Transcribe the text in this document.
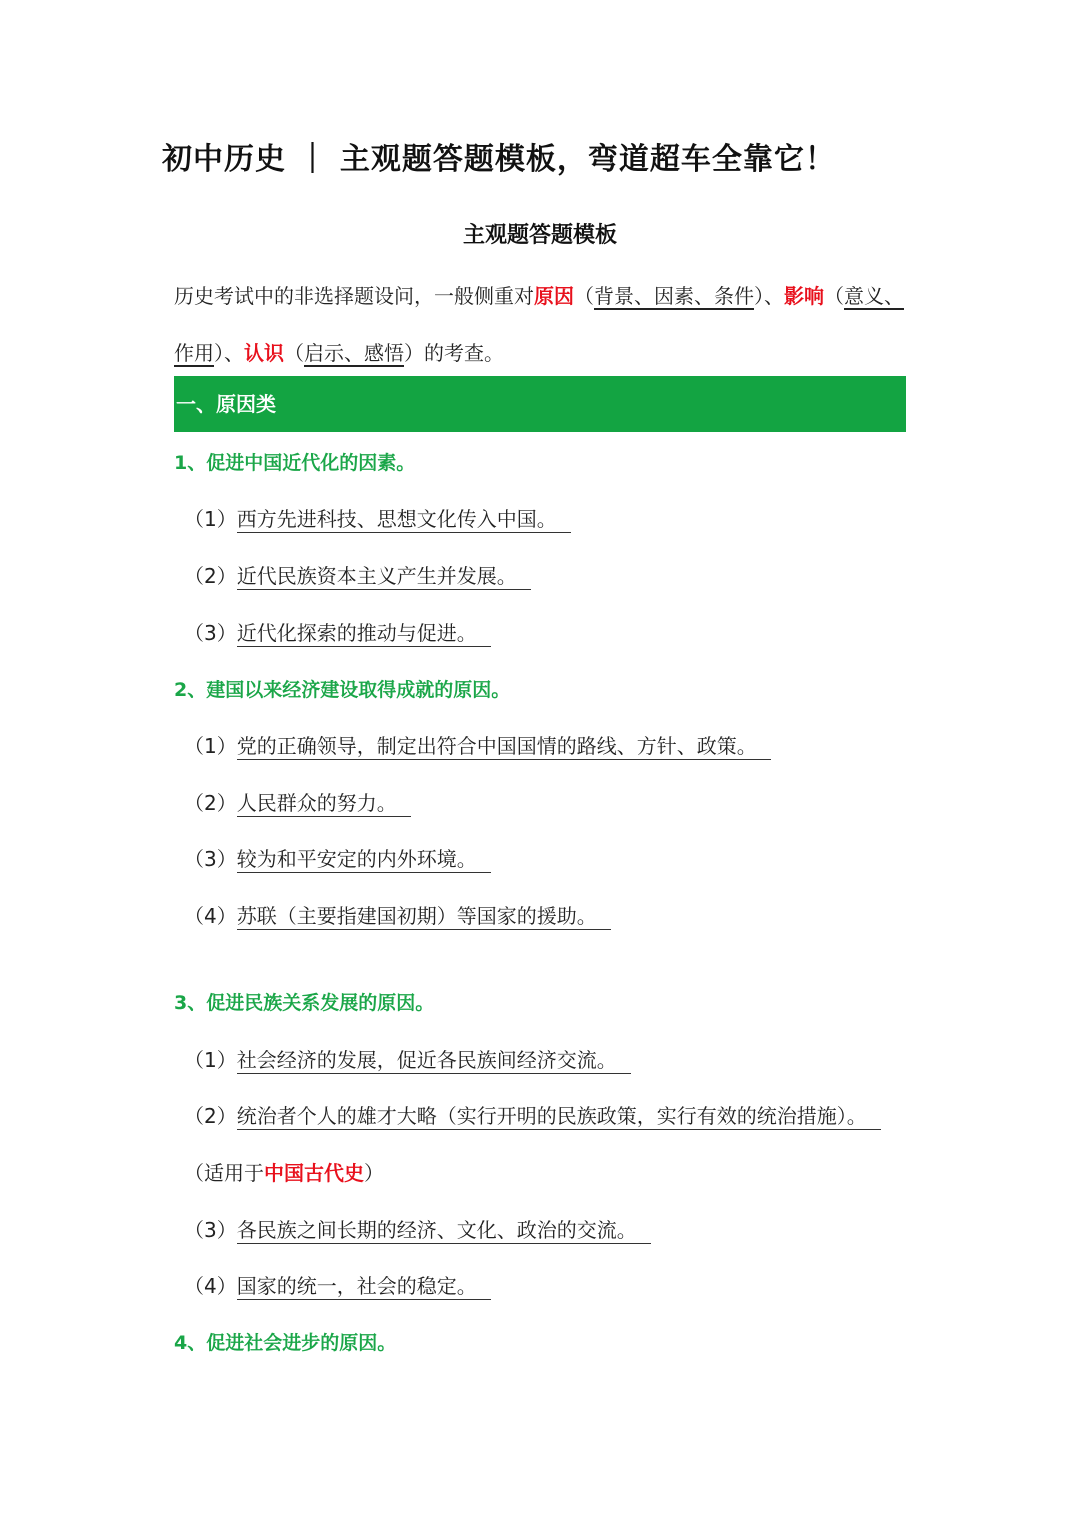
初中历史 ｜ 主观题答题模板，弯道超车全靠它！
主观题答题模板
历史考试中的非选择题设问，一般侧重对原因（背景、因素、条件）、影响（意义、作用）、认识（启示、感悟）的考查。
一、原因类
1、促进中国近代化的因素。
（1）西方先进科技、思想文化传入中国。
（2）近代民族资本主义产生并发展。
（3）近代化探索的推动与促进。
2、建国以来经济建设取得成就的原因。
（1）党的正确领导，制定出符合中国国情的路线、方针、政策。
（2）人民群众的努力。
（3）较为和平安定的内外环境。
（4）苏联（主要指建国初期）等国家的援助。
3、促进民族关系发展的原因。
（1）社会经济的发展，促近各民族间经济交流。
（2）统治者个人的雄才大略（实行开明的民族政策，实行有效的统治措施）。
（适用于中国古代史）
（3）各民族之间长期的经济、文化、政治的交流。
（4）国家的统一，社会的稳定。
4、促进社会进步的原因。
